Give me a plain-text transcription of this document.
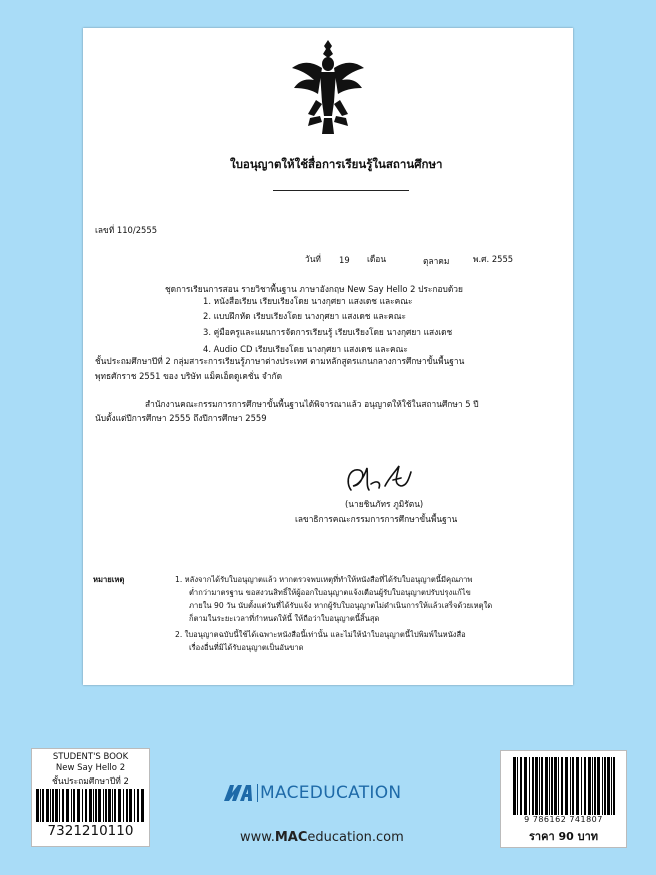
ใบอนุญาตให้ใช้สื่อการเรียนรู้ในสถานศึกษา
เลขที่ 110/2555
วันที่ 19 เดือน	ตุลาคม	พ.ศ. 2555
ชุดการเรียนการสอน รายวิชาพื้นฐาน ภาษาอังกฤษ New Say Hello 2 ประกอบด้วย
1. หนังสือเรียน เรียบเรียงโดย นางกุศยา แสงเดช และคณะ
2. แบบฝึกหัด เรียบเรียงโดย นางกุศยา แสงเดช และคณะ
3. คู่มือครูและแผนการจัดการเรียนรู้ เรียบเรียงโดย นางกุศยา แสงเดช
4. Audio CD เรียบเรียงโดย นางกุศยา แสงเดช และคณะ
ชั้นประถมศึกษาปีที่ 2 กลุ่มสาระการเรียนรู้ภาษาต่างประเทศ ตามหลักสูตรแกนกลางการศึกษาขั้นพื้นฐาน
พุทธศักราช 2551 ของ บริษัท แม็คเอ็ดดูเคชั่น จำกัด
สำนักงานคณะกรรมการการศึกษาขั้นพื้นฐานได้พิจารณาแล้ว อนุญาตให้ใช้ในสถานศึกษา 5 ปี
นับตั้งแต่ปีการศึกษา 2555 ถึงปีการศึกษา 2559
(นายชินภัทร ภูมิรัตน)
เลขาธิการคณะกรรมการการศึกษาขั้นพื้นฐาน
หมายเหตุ	1. หลังจากได้รับใบอนุญาตแล้ว หากตรวจพบเหตุที่ทำให้หนังสือที่ได้รับใบอนุญาตนี้มีคุณภาพ
ต่ำกว่ามาตรฐาน ขอสงวนสิทธิ์ให้ผู้ออกใบอนุญาตแจ้งเตือนผู้รับใบอนุญาตปรับปรุงแก้ไข
ภายใน 90 วัน นับตั้งแต่วันที่ได้รับแจ้ง หากผู้รับใบอนุญาตไม่ดำเนินการให้แล้วเสร็จด้วยเหตุใด
ก็ตามในระยะเวลาที่กำหนดให้นี้ ให้ถือว่าใบอนุญาตนี้สิ้นสุด
2. ใบอนุญาตฉบับนี้ใช้ได้เฉพาะหนังสือนี้เท่านั้น และไม่ให้นำใบอนุญาตนี้ไปพิมพ์ในหนังสือ
เรื่องอื่นที่มิได้รับอนุญาตเป็นอันขาด
STUDENT'S BOOK
New Say Hello 2
ชั้นประถมศึกษาปีที่ 2
7321210110
MACEDUCATION
www.MACeducation.com
9 786162 741807
ราคา 90 บาท
